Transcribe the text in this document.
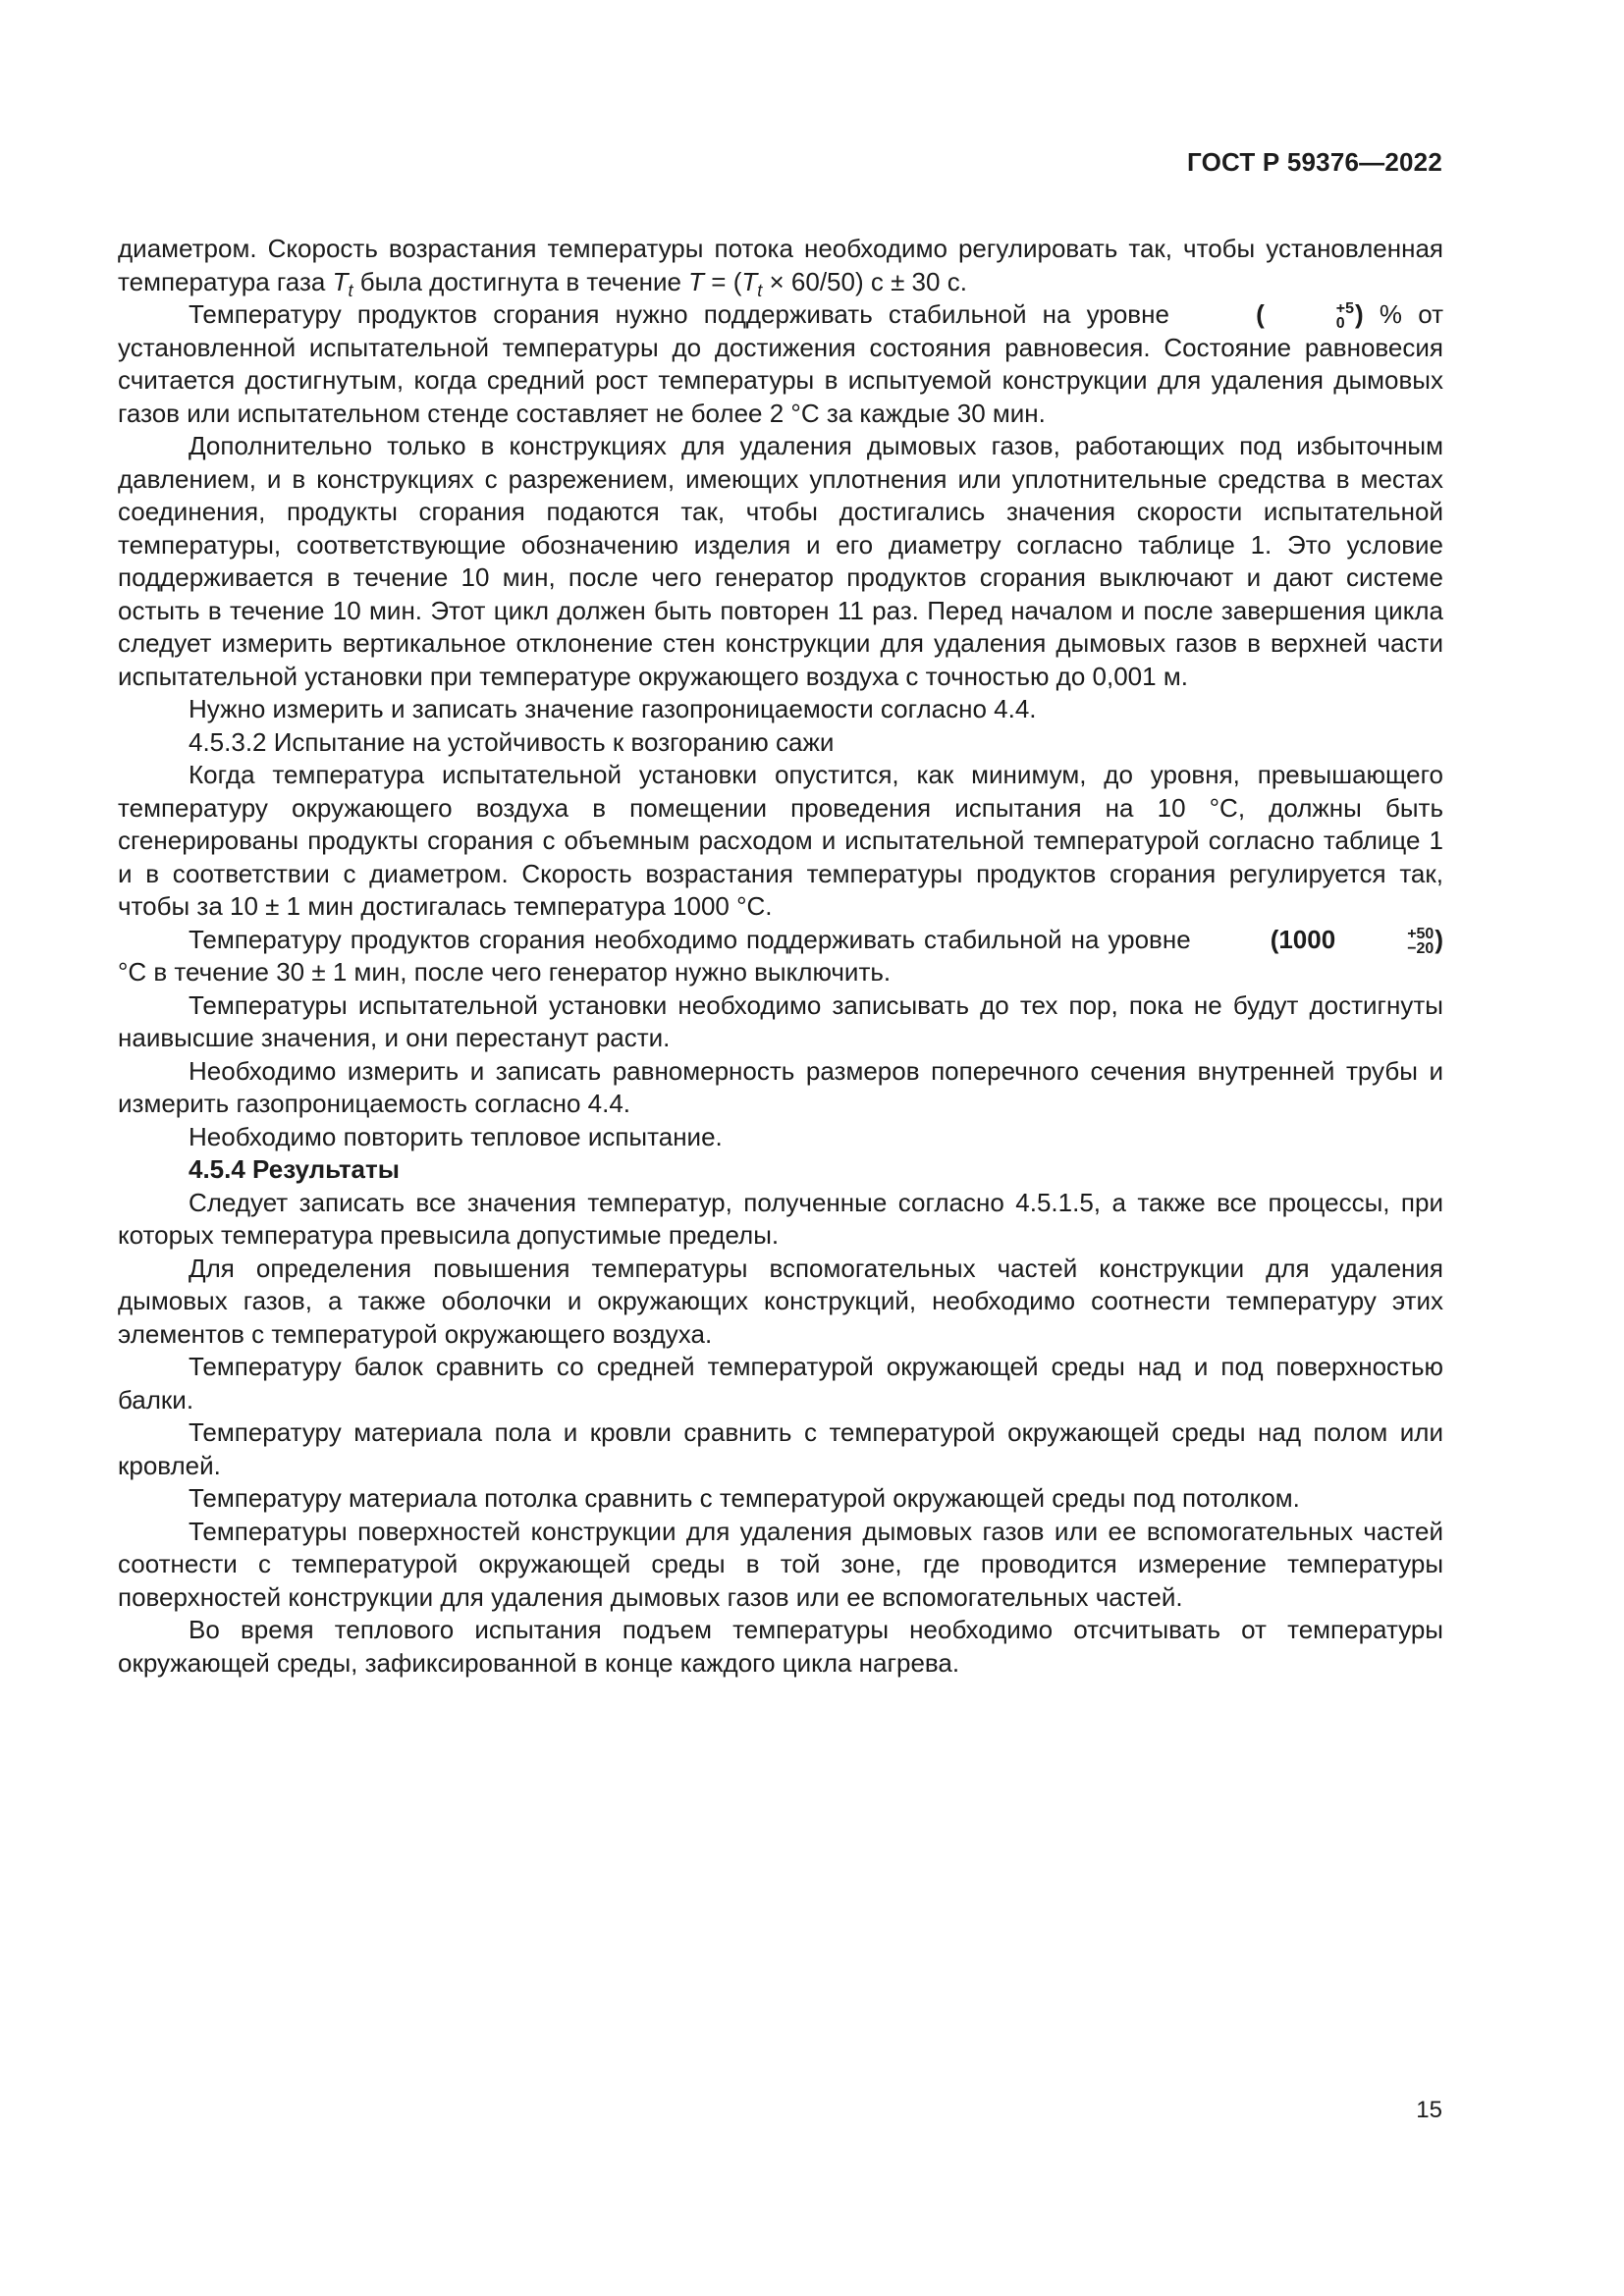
ГОСТ Р 59376—2022

диаметром. Скорость возрастания температуры потока необходимо регулировать так, чтобы установленная температура газа $T_t$ была достигнута в течение $T = (T_t \times 60/50) с \pm 30$ с.

Температуру продуктов сгорания нужно поддерживать стабильной на уровне	(	+5
0 ) % от установленной испытательной температуры до достижения состояния равновесия. Состояние равновесия считается достигнутым, когда средний рост температуры в испытуемой конструкции для удаления дымовых газов или испытательном стенде составляет не более 2 °С за каждые 30 мин.

Дополнительно только в конструкциях для удаления дымовых газов, работающих под избыточным давлением, и в конструкциях с разрежением, имеющих уплотнения или уплотнительные средства в местах соединения, продукты сгорания подаются так, чтобы достигались значения скорости испытательной температуры, соответствующие обозначению изделия и его диаметру согласно таблице 1. Это условие поддерживается в течение 10 мин, после чего генератор продуктов сгорания выключают и дают системе остыть в течение 10 мин. Этот цикл должен быть повторен 11 раз. Перед началом и после завершения цикла следует измерить вертикальное отклонение стен конструкции для удаления дымовых газов в верхней части испытательной установки при температуре окружающего воздуха с точностью до 0,001 м.

Нужно измерить и записать значение газопроницаемости согласно 4.4.

4.5.3.2 Испытание на устойчивость к возгоранию сажи

Когда температура испытательной установки опустится, как минимум, до уровня, превышающего температуру окружающего воздуха в помещении проведения испытания на 10 °С, должны быть сгенерированы продукты сгорания с объемным расходом и испытательной температурой согласно таблице 1 и в соответствии с диаметром. Скорость возрастания температуры продуктов сгорания регулируется так, чтобы за 10 ± 1 мин достигалась температура 1000 °С.

Температуру продуктов сгорания необходимо поддерживать стабильной на уровне	(1000	+50
−20 ) °С в течение 30 ± 1 мин, после чего генератор нужно выключить.

Температуры испытательной установки необходимо записывать до тех пор, пока не будут достигнуты наивысшие значения, и они перестанут расти.

Необходимо измерить и записать равномерность размеров поперечного сечения внутренней трубы и измерить газопроницаемость согласно 4.4.

Необходимо повторить тепловое испытание.

4.5.4 Результаты

Следует записать все значения температур, полученные согласно 4.5.1.5, а также все процессы, при которых температура превысила допустимые пределы.

Для определения повышения температуры вспомогательных частей конструкции для удаления дымовых газов, а также оболочки и окружающих конструкций, необходимо соотнести температуру этих элементов с температурой окружающего воздуха.

Температуру балок сравнить со средней температурой окружающей среды над и под поверхностью балки.

Температуру материала пола и кровли сравнить с температурой окружающей среды над полом или кровлей.

Температуру материала потолка сравнить с температурой окружающей среды под потолком.

Температуры поверхностей конструкции для удаления дымовых газов или ее вспомогательных частей соотнести с температурой окружающей среды в той зоне, где проводится измерение температуры поверхностей конструкции для удаления дымовых газов или ее вспомогательных частей.

Во время теплового испытания подъем температуры необходимо отсчитывать от температуры окружающей среды, зафиксированной в конце каждого цикла нагрева.

15
